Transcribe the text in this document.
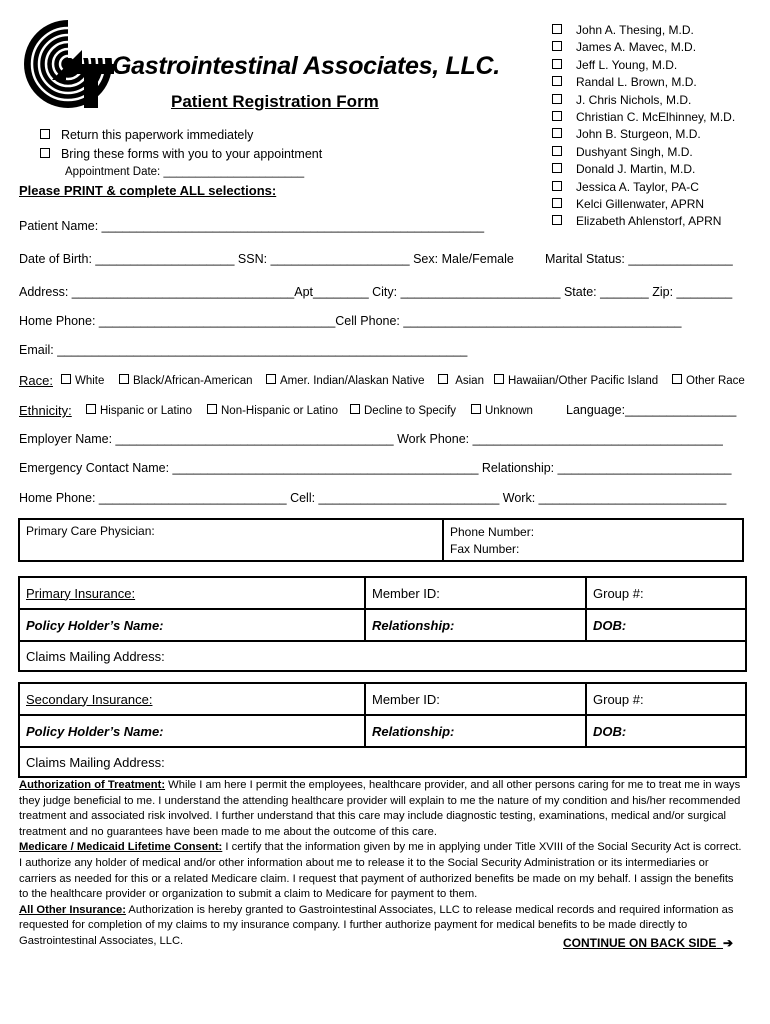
Gastrointestinal Associates, LLC.
Patient Registration Form
Return this paperwork immediately
Bring these forms with you to your appointment
Appointment Date: ______________________
Please PRINT & complete ALL selections:
John A. Thesing, M.D.
James A. Mavec, M.D.
Jeff L. Young, M.D.
Randal L. Brown, M.D.
J. Chris Nichols, M.D.
Christian C. McElhinney, M.D.
John B. Sturgeon, M.D.
Dushyant Singh, M.D.
Donald J. Martin, M.D.
Jessica A. Taylor, PA-C
Kelci Gillenwater, APRN
Elizabeth Ahlenstorf, APRN
Patient Name: _______________________________________________________
Date of Birth: ____________________ SSN: ____________________ Sex: Male/Female Marital Status: _______________
Address: ________________________________Apt________ City: _______________________ State: _______ Zip: ________
Home Phone: __________________________________Cell Phone: ________________________________________
Email: ___________________________________________________________
Race:	White	Black/African-American	Amer. Indian/Alaskan Native	Asian	Hawaiian/Other Pacific Island	Other Race
Ethnicity:	Hispanic or Latino	Non-Hispanic or Latino	Decline to Specify	Unknown	Language:________________
Employer Name: ________________________________________ Work Phone: ____________________________________
Emergency Contact Name: ____________________________________________ Relationship: _________________________
Home Phone: ___________________________ Cell: __________________________ Work: ___________________________
Primary Care Physician:	Phone Number:
Fax Number:
Primary Insurance:	Member ID:	Group #:
Policy Holder’s Name:	Relationship:	DOB:
Claims Mailing Address:		
Secondary Insurance:	Member ID:	Group #:
Policy Holder’s Name:	Relationship:	DOB:
Claims Mailing Address:		
Authorization of Treatment: While I am here I permit the employees, healthcare provider, and all other persons caring for me to treat me in ways they judge beneficial to me. I understand the attending healthcare provider will explain to me the nature of my condition and his/her recommended treatment and associated risk involved. I further understand that this care may include diagnostic testing, examinations, medical and/or surgical treatment and no guarantees have been made to me about the outcome of this care.
Medicare / Medicaid Lifetime Consent: I certify that the information given by me in applying under Title XVIII of the Social Security Act is correct. I authorize any holder of medical and/or other information about me to release it to the Social Security Administration or its intermediaries or carriers as needed for this or a related Medicare claim. I request that payment of authorized benefits be made on my behalf. I assign the benefits to the healthcare provider or organization to submit a claim to Medicare for payment to them.
All Other Insurance: Authorization is hereby granted to Gastrointestinal Associates, LLC to release medical records and required information as requested for completion of my claims to my insurance company. I further authorize payment for medical benefits to be made directly to Gastrointestinal Associates, LLC.	CONTINUE ON BACK SIDE ➔
